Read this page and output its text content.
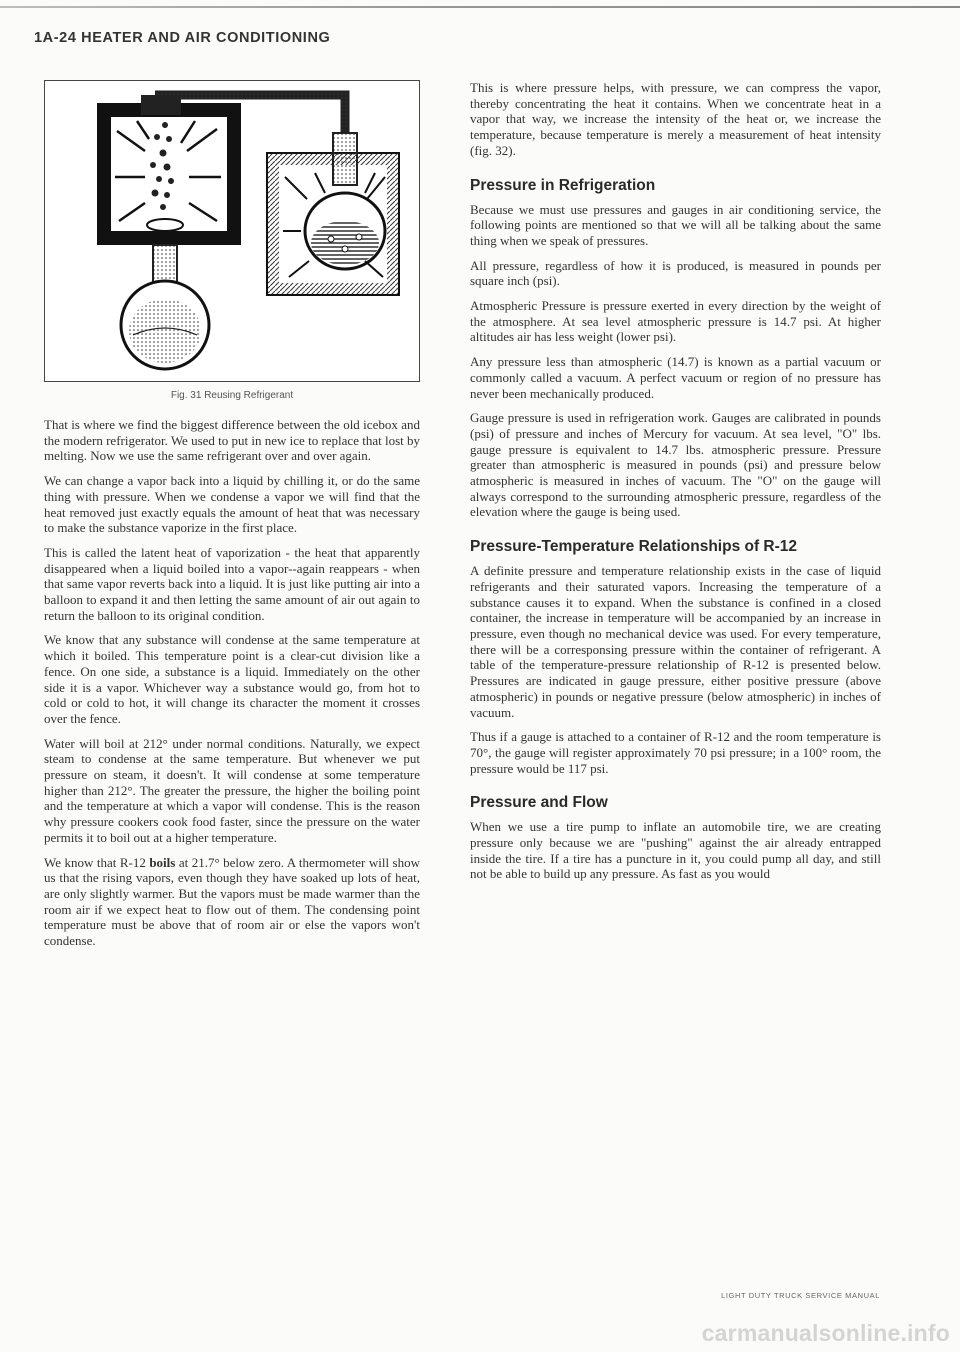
1A-24 HEATER AND AIR CONDITIONING
Fig. 31 Reusing Refrigerant

That is where we find the biggest difference between the old icebox and the modern refrigerator. We used to put in new ice to replace that lost by melting. Now we use the same refrigerant over and over again.

We can change a vapor back into a liquid by chilling it, or do the same thing with pressure. When we condense a vapor we will find that the heat removed just exactly equals the amount of heat that was necessary to make the substance vaporize in the first place.

This is called the latent heat of vaporization - the heat that apparently disappeared when a liquid boiled into a vapor--again reappears - when that same vapor reverts back into a liquid. It is just like putting air into a balloon to expand it and then letting the same amount of air out again to return the balloon to its original condition.

We know that any substance will condense at the same temperature at which it boiled. This temperature point is a clear-cut division like a fence. On one side, a substance is a liquid. Immediately on the other side it is a vapor. Whichever way a substance would go, from hot to cold or cold to hot, it will change its character the moment it crosses over the fence.

Water will boil at 212° under normal conditions. Naturally, we expect steam to condense at the same temperature. But whenever we put pressure on steam, it doesn't. It will condense at some temperature higher than 212°. The greater the pressure, the higher the boiling point and the temperature at which a vapor will condense. This is the reason why pressure cookers cook food faster, since the pressure on the water permits it to boil out at a higher temperature.

We know that R-12 boils at 21.7° below zero. A thermometer will show us that the rising vapors, even though they have soaked up lots of heat, are only slightly warmer. But the vapors must be made warmer than the room air if we expect heat to flow out of them. The condensing point temperature must be above that of room air or else the vapors won't condense.

This is where pressure helps, with pressure, we can compress the vapor, thereby concentrating the heat it contains. When we concentrate heat in a vapor that way, we increase the intensity of the heat or, we increase the temperature, because temperature is merely a measurement of heat intensity (fig. 32).

Pressure in Refrigeration

Because we must use pressures and gauges in air conditioning service, the following points are mentioned so that we will all be talking about the same thing when we speak of pressures.

All pressure, regardless of how it is produced, is measured in pounds per square inch (psi).

Atmospheric Pressure is pressure exerted in every direction by the weight of the atmosphere. At sea level atmospheric pressure is 14.7 psi. At higher altitudes air has less weight (lower psi).

Any pressure less than atmospheric (14.7) is known as a partial vacuum or commonly called a vacuum. A perfect vacuum or region of no pressure has never been mechanically produced.

Gauge pressure is used in refrigeration work. Gauges are calibrated in pounds (psi) of pressure and inches of Mercury for vacuum. At sea level, "O" lbs. gauge pressure is equivalent to 14.7 lbs. atmospheric pressure. Pressure greater than atmospheric is measured in pounds (psi) and pressure below atmospheric is measured in inches of vacuum. The "O" on the gauge will always correspond to the surrounding atmospheric pressure, regardless of the elevation where the gauge is being used.

Pressure-Temperature Relationships of R-12

A definite pressure and temperature relationship exists in the case of liquid refrigerants and their saturated vapors. Increasing the temperature of a substance causes it to expand. When the substance is confined in a closed container, the increase in temperature will be accompanied by an increase in pressure, even though no mechanical device was used. For every temperature, there will be a corresponsing pressure within the container of refrigerant. A table of the temperature-pressure relationship of R-12 is presented below. Pressures are indicated in gauge pressure, either positive pressure (above atmospheric) in pounds or negative pressure (below atmospheric) in inches of vacuum.

Thus if a gauge is attached to a container of R-12 and the room temperature is 70°, the gauge will register approximately 70 psi pressure; in a 100° room, the pressure would be 117 psi.

Pressure and Flow

When we use a tire pump to inflate an automobile tire, we are creating pressure only because we are "pushing" against the air already entrapped inside the tire. If a tire has a puncture in it, you could pump all day, and still not be able to build up any pressure. As fast as you would

LIGHT DUTY TRUCK SERVICE MANUAL
carmanualsonline.info
